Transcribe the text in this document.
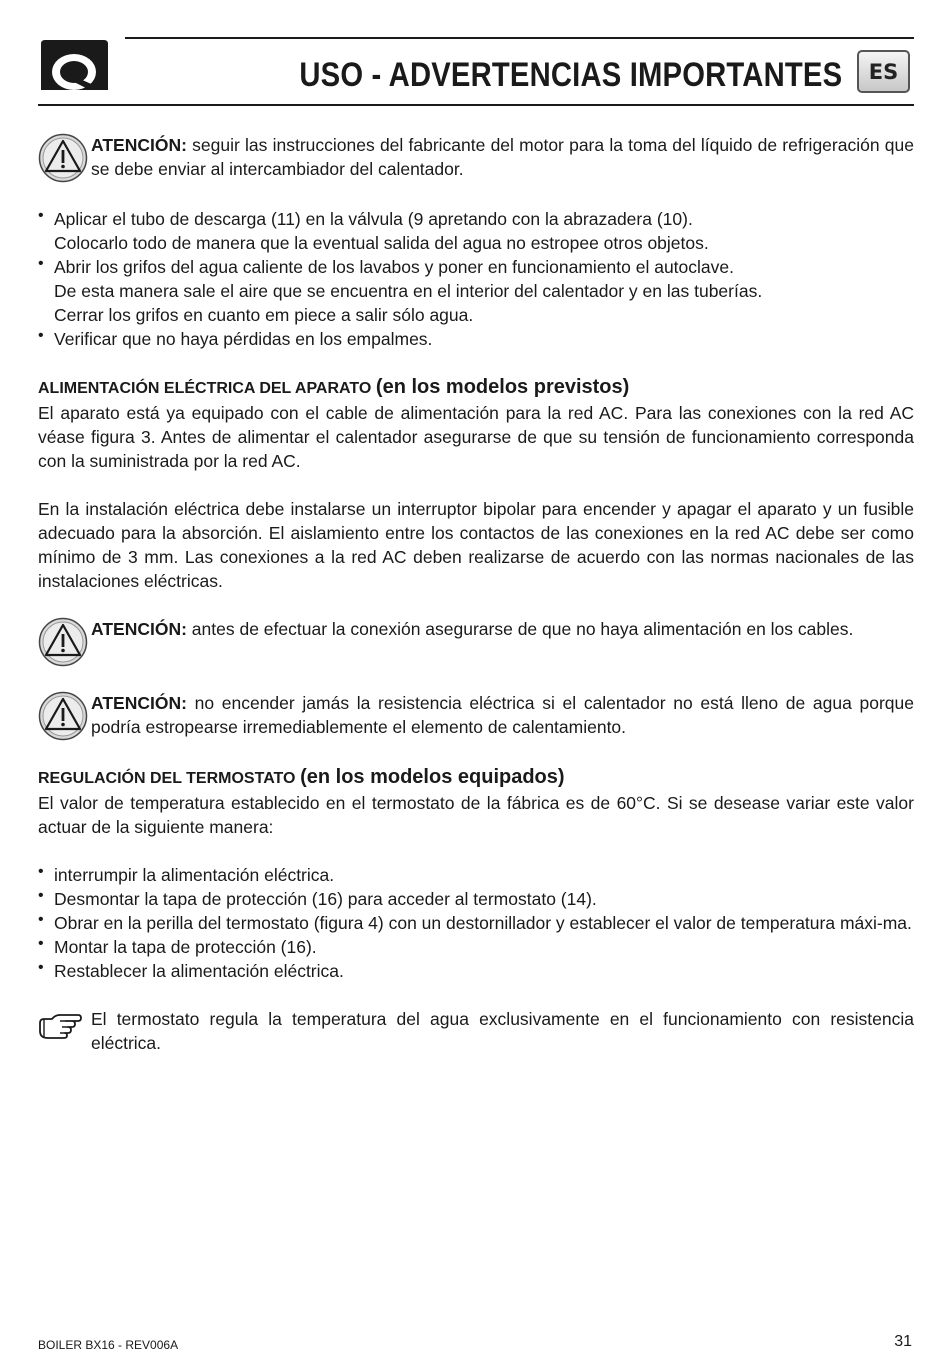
USO - ADVERTENCIAS IMPORTANTES	ES

ATENCIÓN: seguir las instrucciones del fabricante del motor para la toma del líquido de refrigeración que se debe enviar al intercambiador del calentador.

• Aplicar el tubo de descarga (11) en la válvula (9 apretando con la abrazadera (10).

Colocarlo todo de manera que la eventual salida del agua no estropee otros objetos.

• Abrir los grifos del agua caliente de los lavabos y poner en funcionamiento el autoclave.

De esta manera sale el aire que se encuentra en el interior del calentador y en las tuberías.

Cerrar los grifos en cuanto em piece a salir sólo agua.

• Verificar que no haya pérdidas en los empalmes.

ALIMENTACIÓN ELÉCTRICA DEL APARATO (en los modelos previstos)

El aparato está ya equipado con el cable de alimentación para la red AC. Para las conexiones con la red AC véase figura 3. Antes de alimentar el calentador asegurarse de que su tensión de funcionamiento corresponda con la suministrada por la red AC.

En la instalación eléctrica debe instalarse un interruptor bipolar para encender y apagar el aparato y un fusible adecuado para la absorción. El aislamiento entre los contactos de las conexiones en la red AC debe ser como mínimo de 3 mm. Las conexiones a la red AC deben realizarse de acuerdo con las normas nacionales de las instalaciones eléctricas.

ATENCIÓN: antes de efectuar la conexión asegurarse de que no haya alimentación en los cables.

ATENCIÓN: no encender jamás la resistencia eléctrica si el calentador no está lleno de agua porque podría estropearse irremediablemente el elemento de calentamiento.

REGULACIÓN DEL TERMOSTATO (en los modelos equipados)

El valor de temperatura establecido en el termostato de la fábrica es de 60°C. Si se desease variar este valor actuar de la siguiente manera:

• interrumpir la alimentación eléctrica.

• Desmontar la tapa de protección (16) para acceder al termostato (14).

• Obrar en la perilla del termostato (figura 4) con un destornillador y establecer el valor de temperatura máxi-ma.

• Montar la tapa de protección (16).

• Restablecer la alimentación eléctrica.

El termostato regula la temperatura del agua exclusivamente en el funcionamiento con resistencia eléctrica.

BOILER BX16 - REV006A	31
